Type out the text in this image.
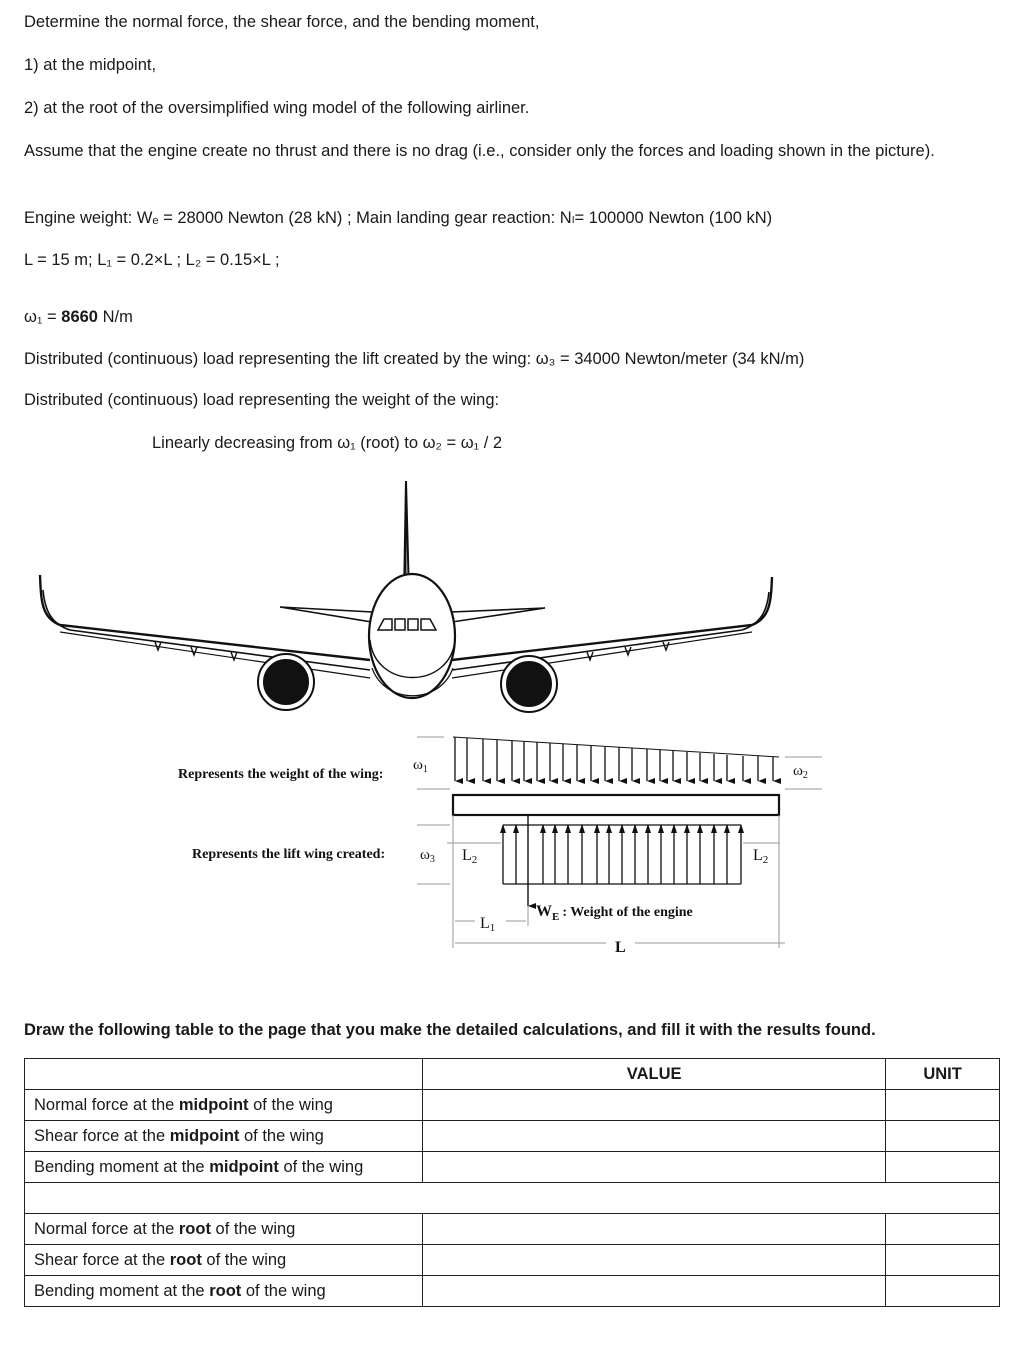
Determine the normal force, the shear force, and the bending moment,

1) at the midpoint,

2) at the root of the oversimplified wing model of the following airliner.

Assume that the engine create no thrust and there is no drag (i.e., consider only the forces and loading shown in the picture).

Engine weight: Wₑ = 28000 Newton (28 kN) ; Main landing gear reaction: Nₗ= 100000 Newton (100 kN)

L = 15 m; L₁ = 0.2×L ; L₂ = 0.15×L ;

ω₁ = 8660 N/m

Distributed (continuous) load representing the lift created by the wing: ω₃ = 34000 Newton/meter (34 kN/m)

Distributed (continuous) load representing the weight of the wing:

Linearly decreasing from ω₁ (root) to ω₂ = ω₁ / 2

Represents the weight of the wing:
Represents the lift wing created:
$\omega_1$	$\omega_2$
$\omega_3$ L2	L2
L1
L
$W_E$ : Weight of the engine

Draw the following table to the page that you make the detailed calculations, and fill it with the results found.

	VALUE	UNIT
Normal force at the midpoint of the wing		
Shear force at the midpoint of the wing		
Bending moment at the midpoint of the wing		

Normal force at the root of the wing		
Shear force at the root of the wing		
Bending moment at the root of the wing		
